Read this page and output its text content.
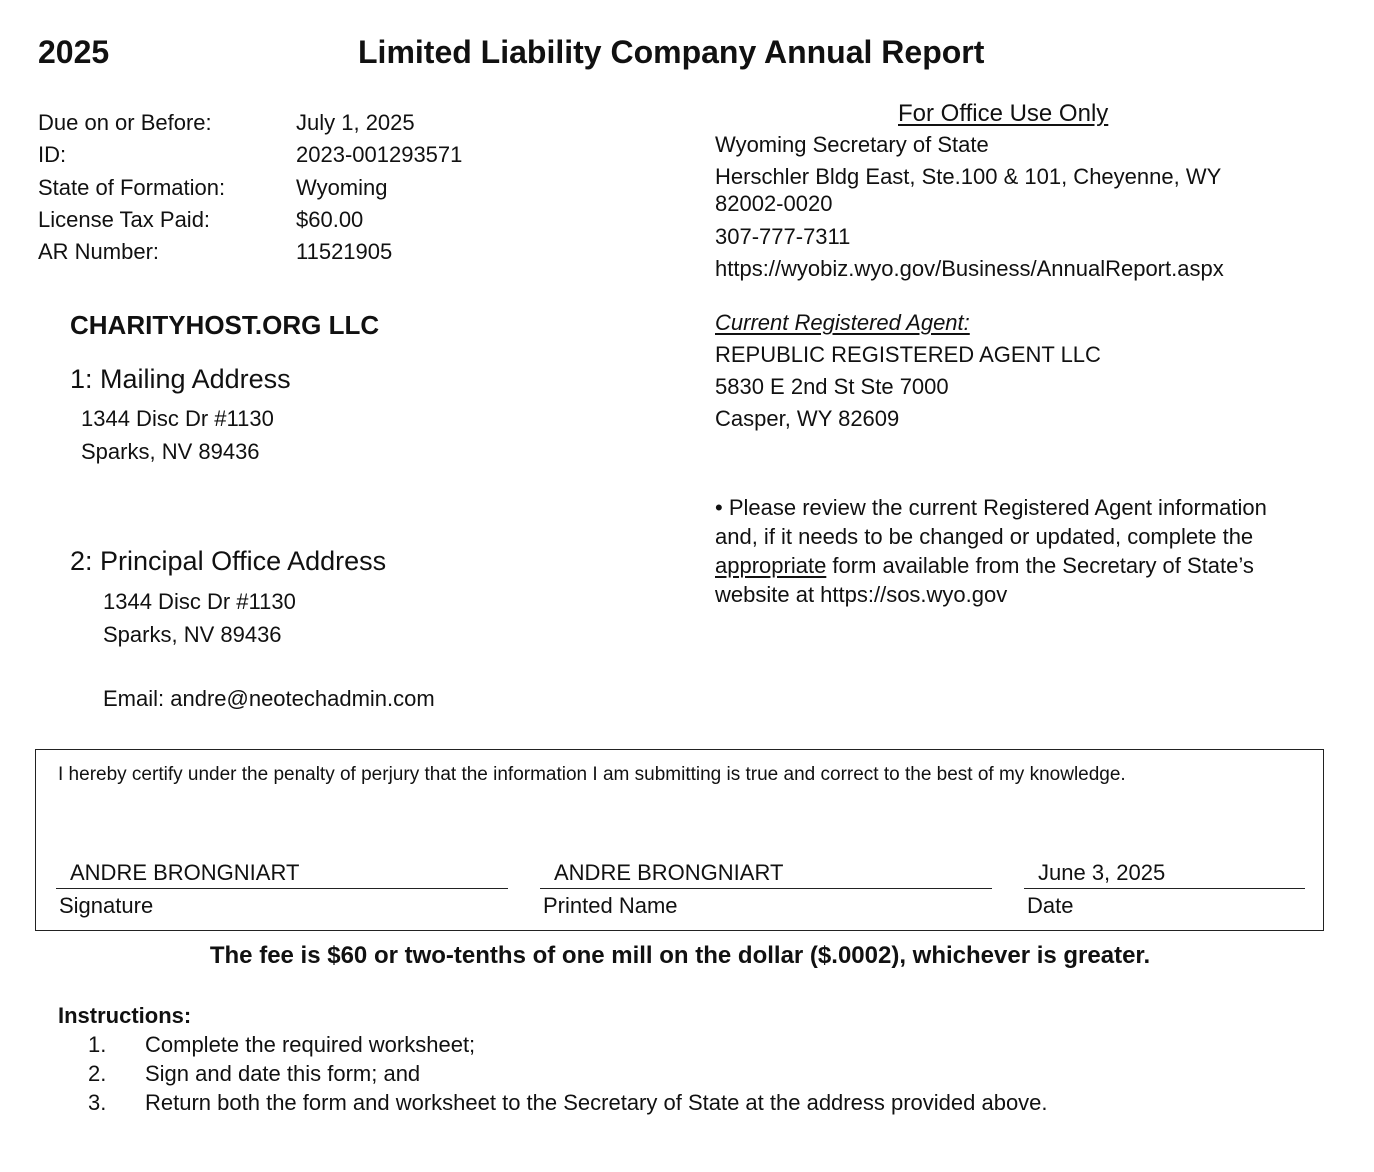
2025	Limited Liability Company Annual Report
Due on or Before:	July 1, 2025
ID:	2023-001293571
State of Formation:	Wyoming
License Tax Paid:	$60.00
AR Number:	11521905
For Office Use Only
Wyoming Secretary of State
Herschler Bldg East, Ste.100 & 101, Cheyenne, WY
82002-0020
307-777-7311
https://wyobiz.wyo.gov/Business/AnnualReport.aspx
CHARITYHOST.ORG LLC
1: Mailing Address
1344 Disc Dr #1130
Sparks, NV 89436
2: Principal Office Address
1344 Disc Dr #1130
Sparks, NV 89436
Email: andre@neotechadmin.com
Current Registered Agent:
REPUBLIC REGISTERED AGENT LLC
5830 E 2nd St Ste 7000
Casper, WY 82609
• Please review the current Registered Agent information and, if it needs to be changed or updated, complete the appropriate form available from the Secretary of State’s website at https://sos.wyo.gov
I hereby certify under the penalty of perjury that the information I am submitting is true and correct to the best of my knowledge.
ANDRE BRONGNIART
Signature
ANDRE BRONGNIART
Printed Name
June 3, 2025
Date
The fee is $60 or two-tenths of one mill on the dollar ($.0002), whichever is greater.
Instructions:
1. Complete the required worksheet;
2. Sign and date this form; and
3. Return both the form and worksheet to the Secretary of State at the address provided above.
